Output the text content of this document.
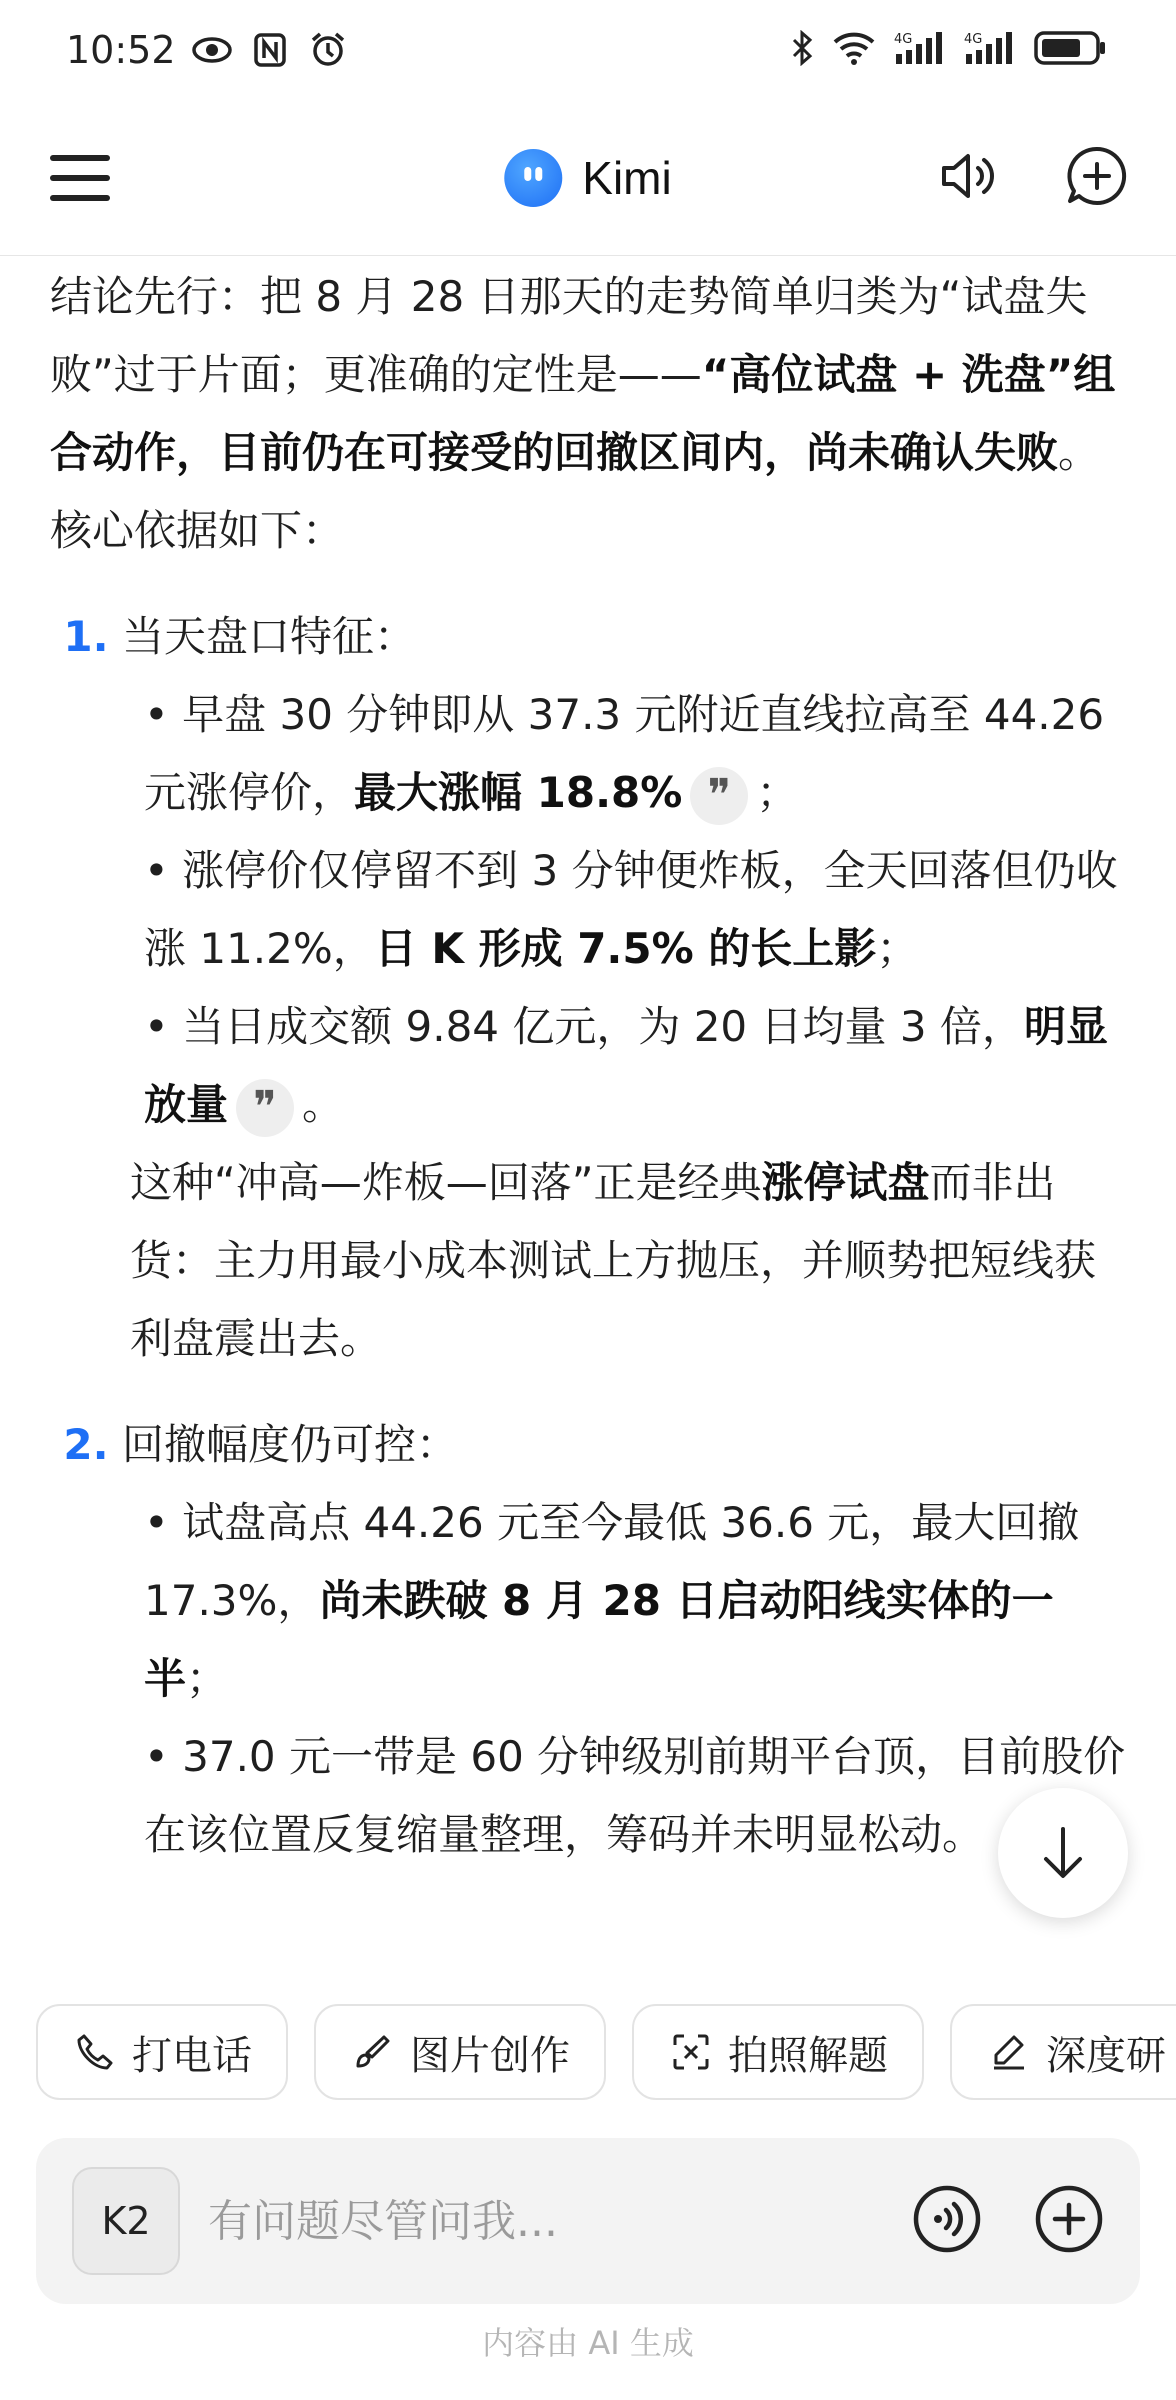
10:52	4G	4G
Kimi

结论先行：把 8 月 28 日那天的走势简单归类为“试盘失败”过于片面；更准确的定性是——“高位试盘 + 洗盘”组合动作，目前仍在可接受的回撤区间内，尚未确认失败。核心依据如下：

1. 当天盘口特征：

• 早盘 30 分钟即从 37.3 元附近直线拉高至 44.26 元涨停价，最大涨幅 18.8% ❞ ；

• 涨停价仅停留不到 3 分钟便炸板，全天回落但仍收涨 11.2%，日 K 形成 7.5% 的长上影；

• 当日成交额 9.84 亿元，为 20 日均量 3 倍，明显放量 ❞ 。

这种“冲高—炸板—回落”正是经典涨停试盘而非出货：主力用最小成本测试上方抛压，并顺势把短线获利盘震出去。

2. 回撤幅度仍可控：

• 试盘高点 44.26 元至今最低 36.6 元，最大回撤 17.3%，尚未跌破 8 月 28 日启动阳线实体的一半；

• 37.0 元一带是 60 分钟级别前期平台顶，目前股价在该位置反复缩量整理，筹码并未明显松动。

打电话	图片创作	拍照解题	深度研
K2
有问题尽管问我...
内容由 AI 生成
